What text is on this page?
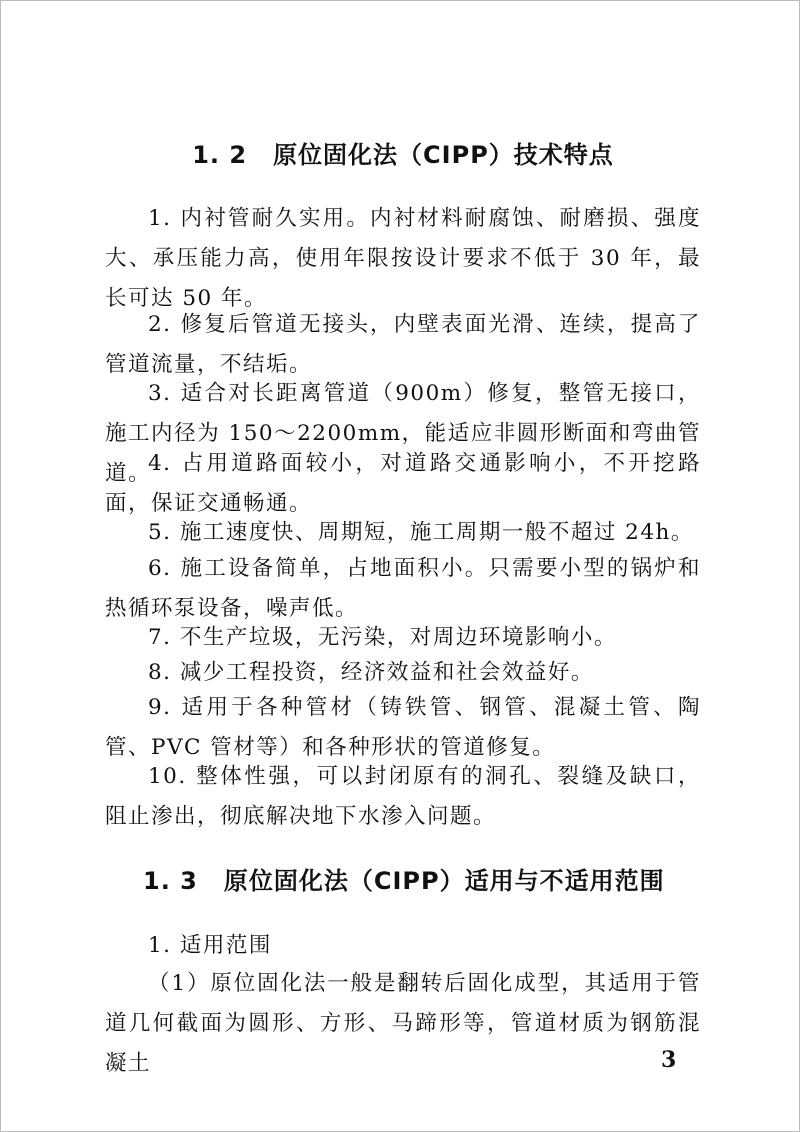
1. 2 原位固化法（CIPP）技术特点

1. 内衬管耐久实用。内衬材料耐腐蚀、耐磨损、强度大、承压能力高，使用年限按设计要求不低于 30 年，最长可达 50 年。

2. 修复后管道无接头，内壁表面光滑、连续，提高了管道流量，不结垢。

3. 适合对长距离管道（900m）修复，整管无接口，施工内径为 150～2200mm，能适应非圆形断面和弯曲管道。

4. 占用道路面较小，对道路交通影响小，不开挖路面，保证交通畅通。

5. 施工速度快、周期短，施工周期一般不超过 24h。

6. 施工设备简单，占地面积小。只需要小型的锅炉和热循环泵设备，噪声低。

7. 不生产垃圾，无污染，对周边环境影响小。

8. 减少工程投资，经济效益和社会效益好。

9. 适用于各种管材（铸铁管、钢管、混凝土管、陶管、PVC 管材等）和各种形状的管道修复。

10. 整体性强，可以封闭原有的洞孔、裂缝及缺口，阻止渗出，彻底解决地下水渗入问题。

1. 3 原位固化法（CIPP）适用与不适用范围

1. 适用范围

（1）原位固化法一般是翻转后固化成型，其适用于管道几何截面为圆形、方形、马蹄形等，管道材质为钢筋混凝土	3
